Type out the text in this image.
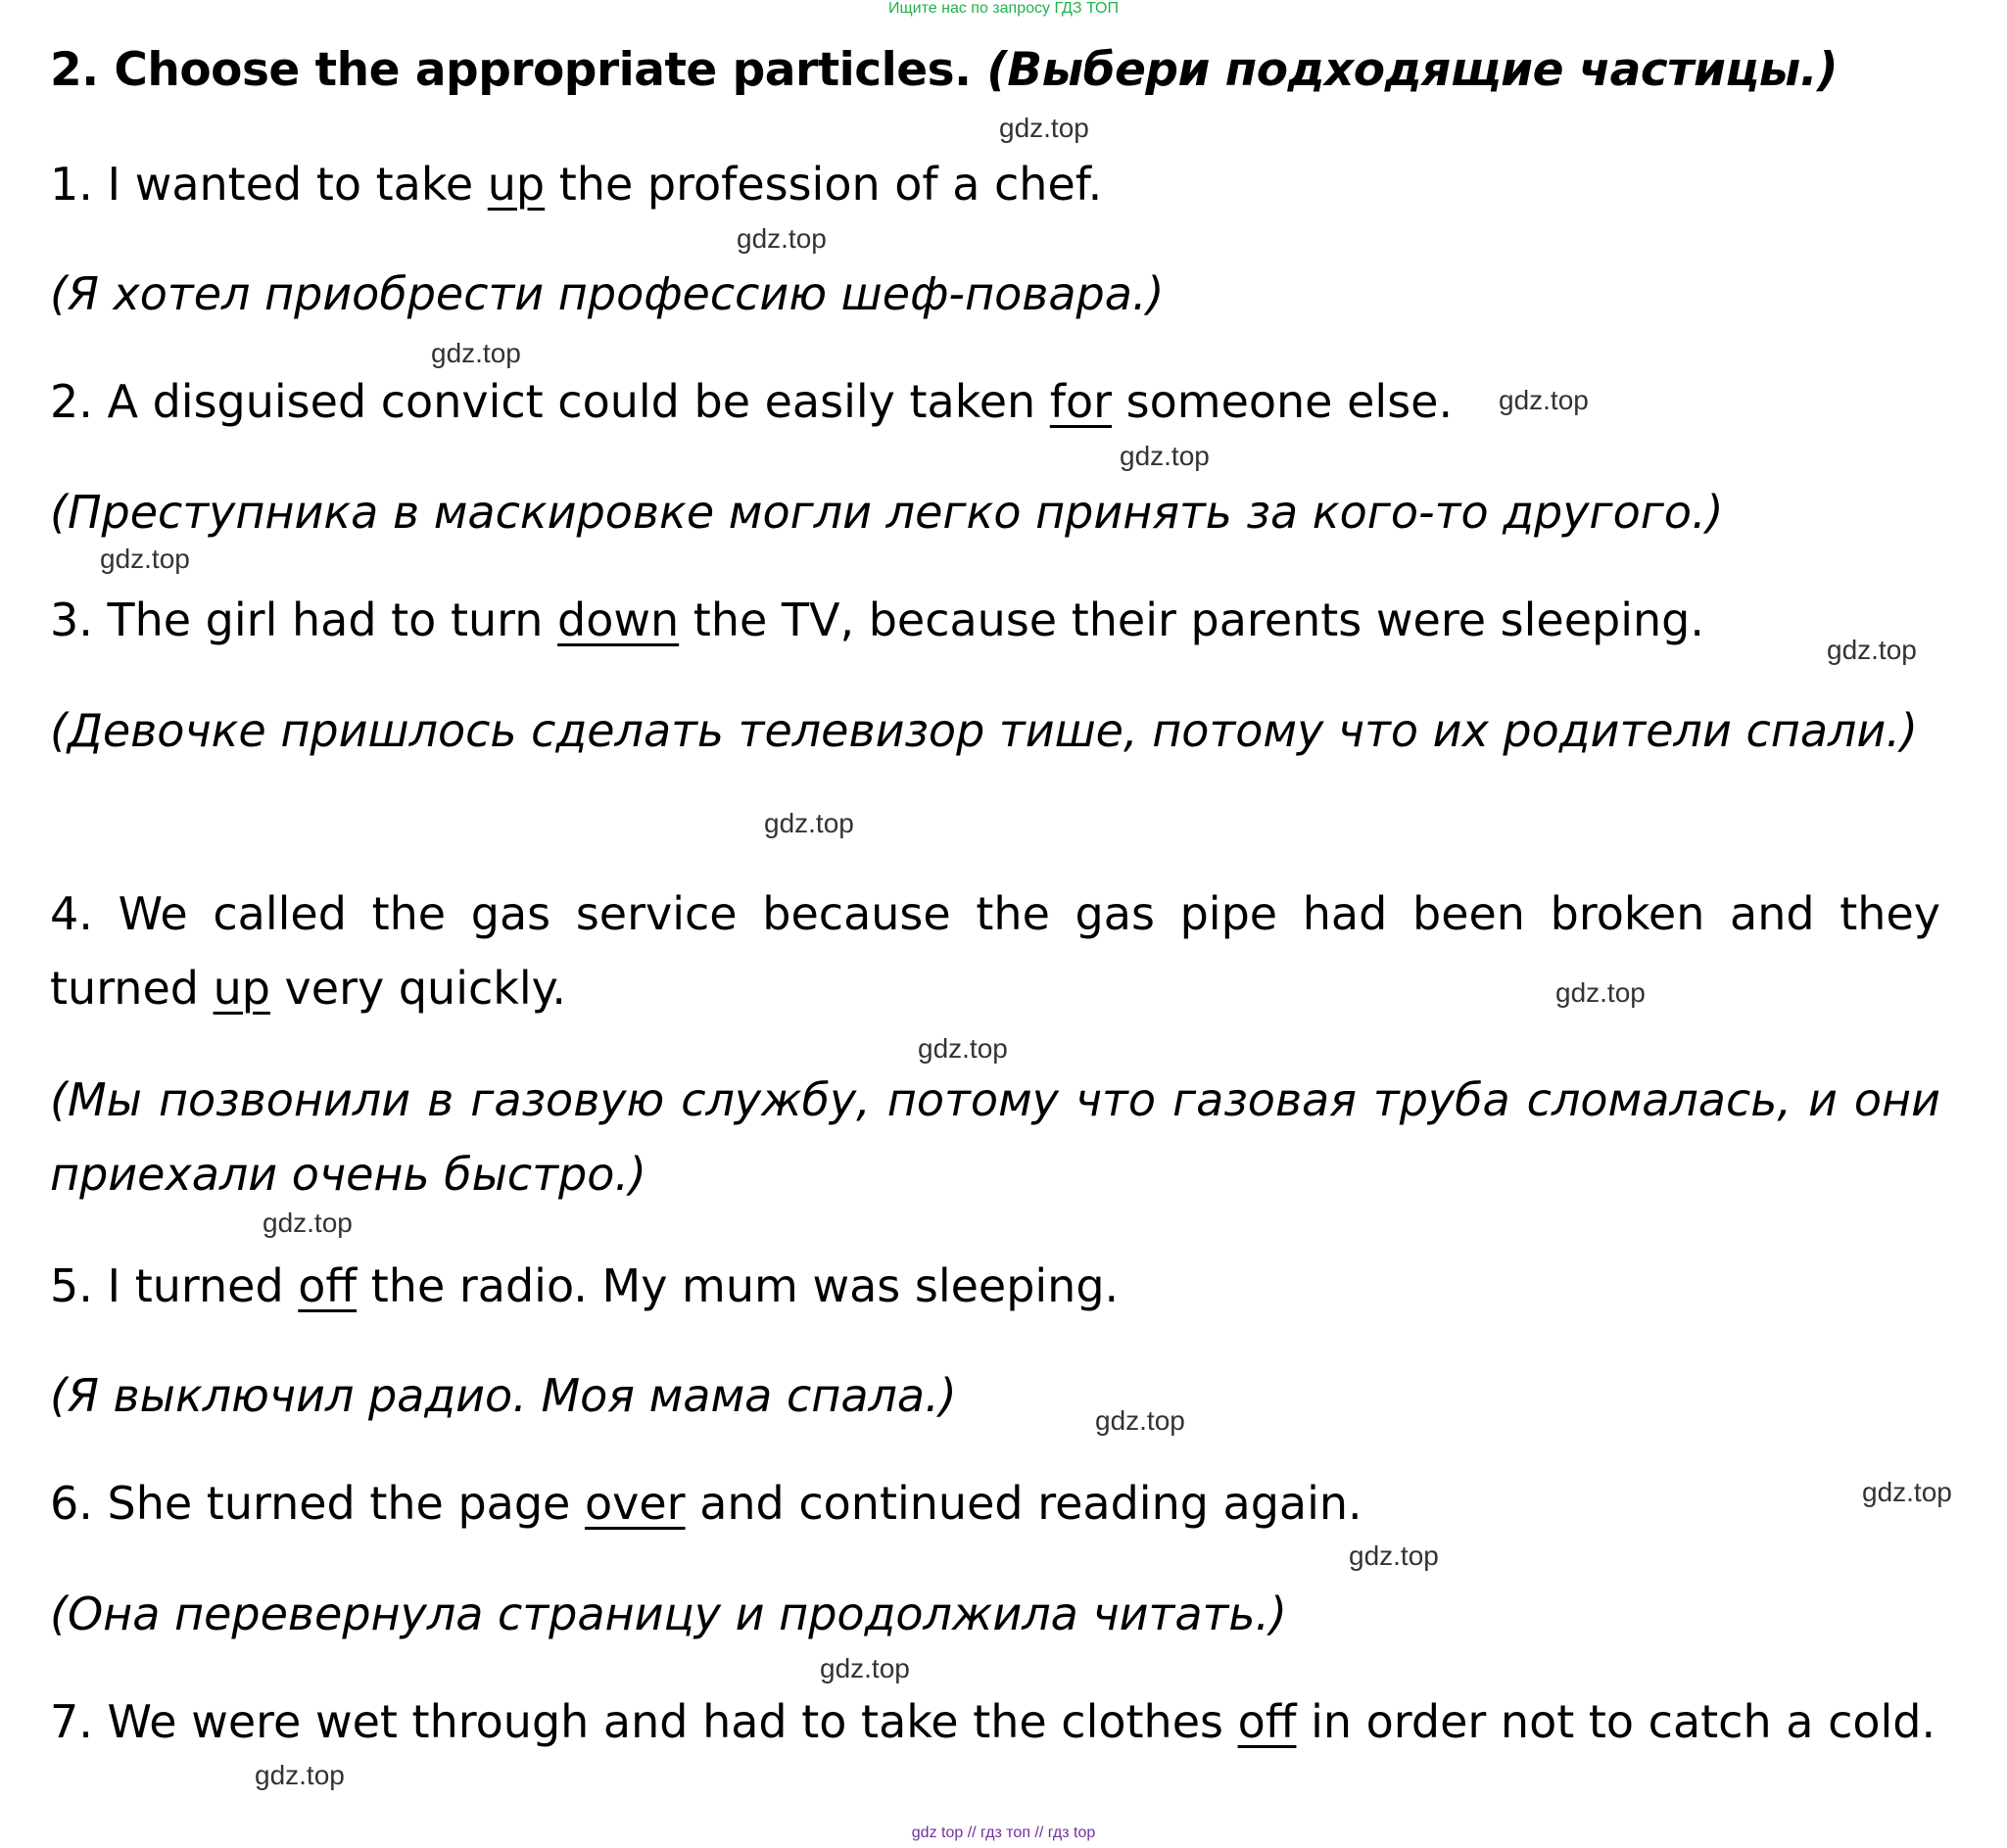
Ищите нас по запросу ГДЗ ТОП
2. Choose the appropriate particles. (Выбери подходящие частицы.)
1. I wanted to take up the profession of a chef.
(Я хотел приобрести профессию шеф-повара.)
2. A disguised convict could be easily taken for someone else.
(Преступника в маскировке могли легко принять за кого-то другого.)
3. The girl had to turn down the TV, because their parents were sleeping.
(Девочке пришлось сделать телевизор тише, потому что их родители спали.)
4. We called the gas service because the gas pipe had been broken and they turned up very quickly.
(Мы позвонили в газовую службу, потому что газовая труба сломалась, и они приехали очень быстро.)
5. I turned off the radio. My mum was sleeping.
(Я выключил радио. Моя мама спала.)
6. She turned the page over and continued reading again.
(Она перевернула страницу и продолжила читать.)
7. We were wet through and had to take the clothes off in order not to catch a cold.
gdz.top
gdz.top
gdz.top
gdz.top
gdz.top
gdz.top
gdz.top
gdz.top
gdz.top
gdz.top
gdz.top
gdz.top
gdz.top
gdz.top
gdz.top
gdz.top
gdz top // гдз топ // гдз top
